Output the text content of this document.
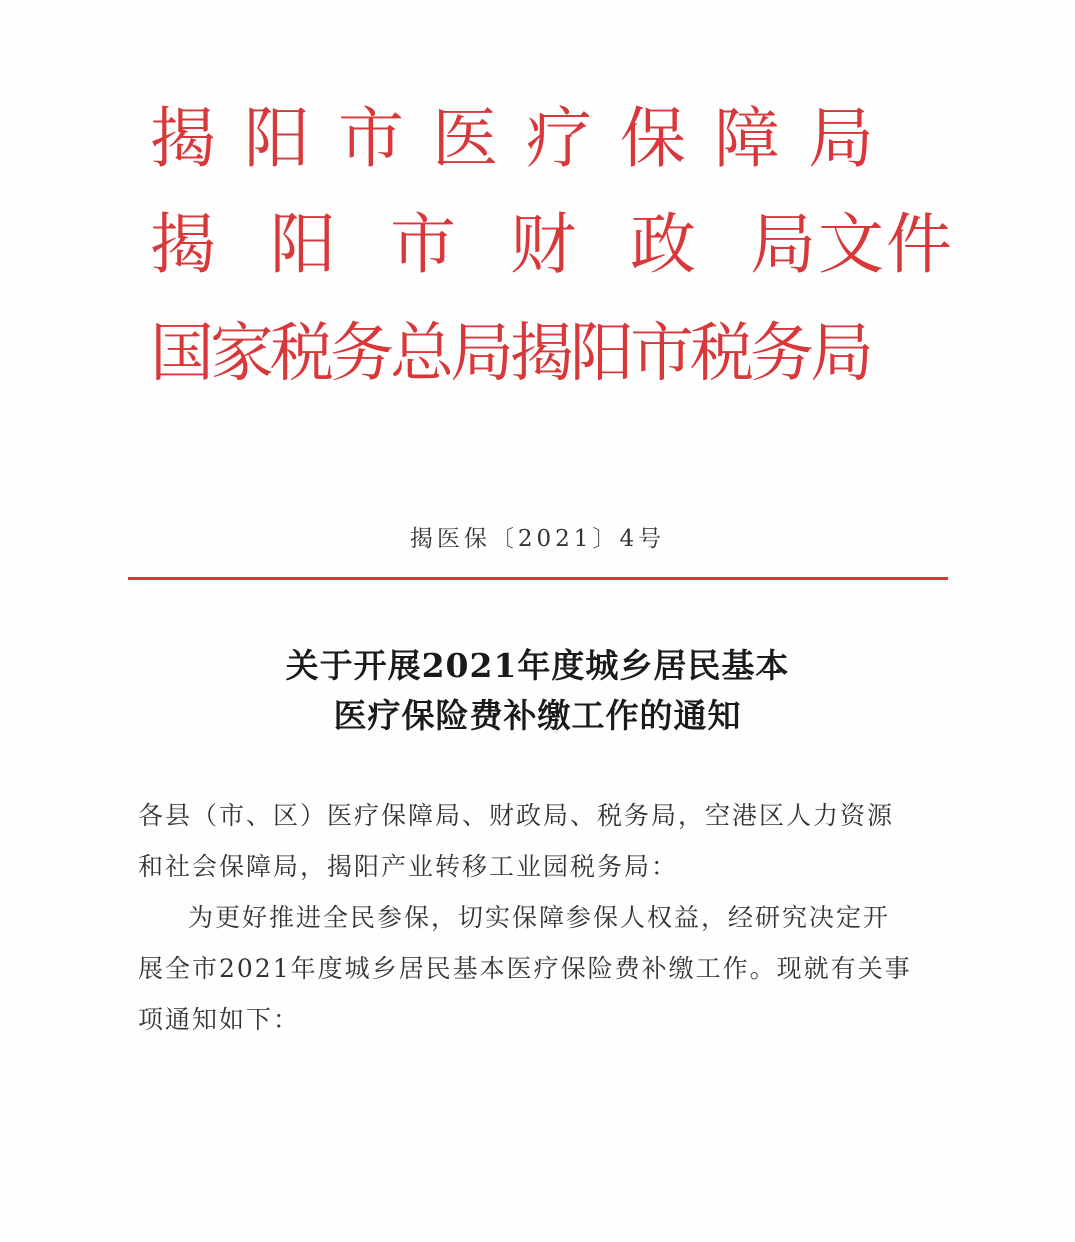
揭 阳 市 医 疗 保 障 局
揭 阳 市 财 政 局文件
国家税务总局揭阳市税务局
揭医保〔2021〕4号
关于开展2021年度城乡居民基本
医疗保险费补缴工作的通知
各县（市、区）医疗保障局、财政局、税务局，空港区人力资源
和社会保障局，揭阳产业转移工业园税务局：
为更好推进全民参保，切实保障参保人权益，经研究决定开
展全市2021年度城乡居民基本医疗保险费补缴工作。现就有关事
项通知如下：
